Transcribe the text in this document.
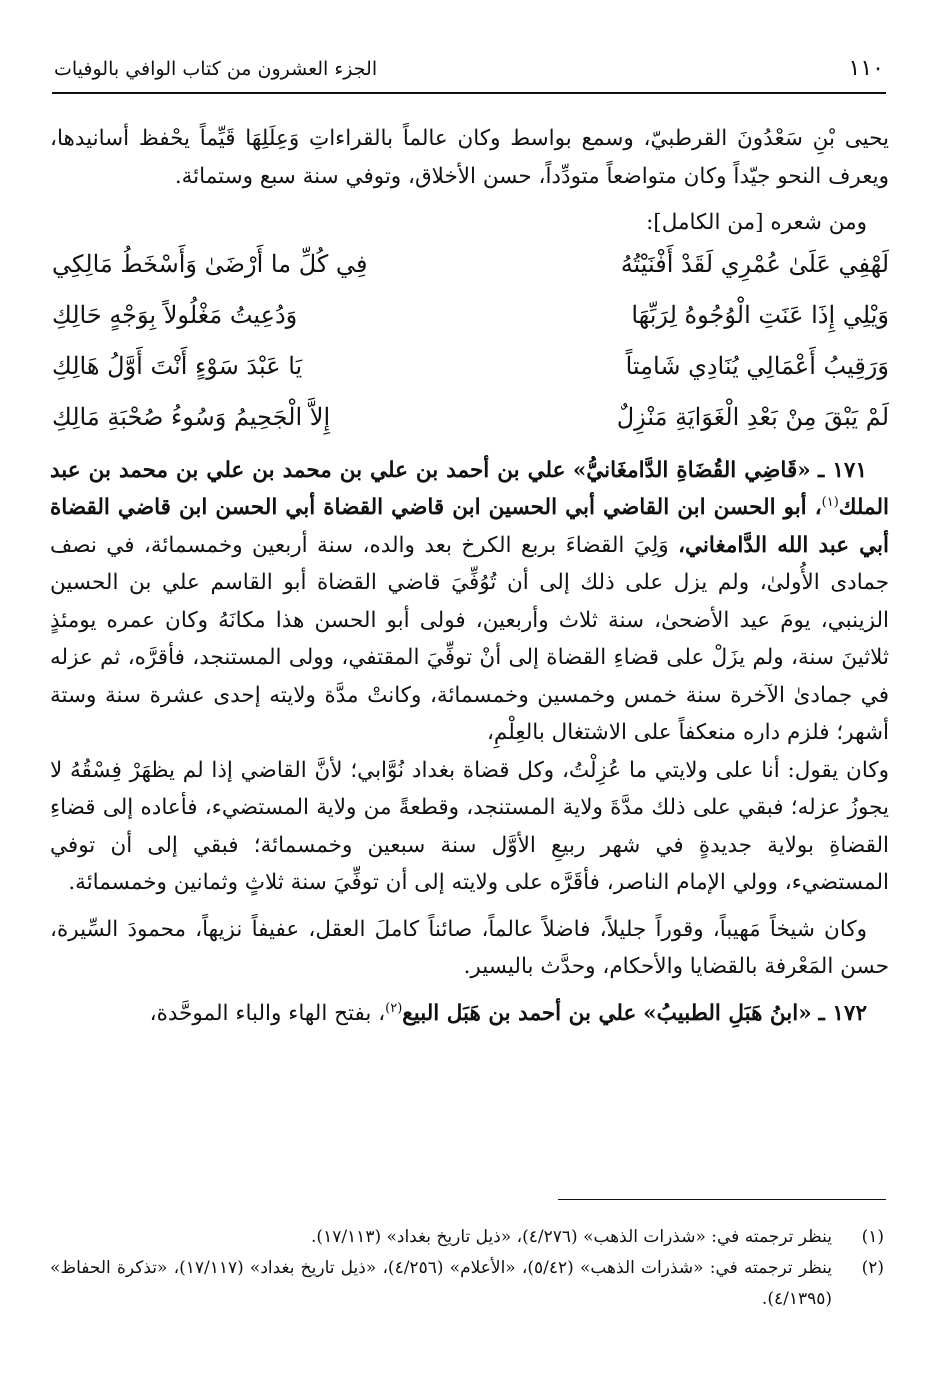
١١٠
الجزء العشرون من كتاب الوافي بالوفيات

يحيى بْنِ سَعْدُونَ القرطبيّ، وسمع بواسط وكان عالماً بالقراءاتِ وَعِلَلِهَا قَيِّماً يحْفظ أسانيدها، ويعرف النحو جيّداً وكان متواضعاً متودِّداً، حسن الأخلاق، وتوفي سنة سبع وستمائة.

ومن شعره [من الكامل]:

لَهْفِي عَلَىٰ عُمْرِي لَقَدْ أَفْنَيْتُهُ
فِي كُلِّ ما أَرْضَىٰ وَأَسْخَطُ مَالِكِي
وَيْلِي إِذَا عَنَتِ الْوُجُوهُ لِرَبِّهَا
وَدُعِيتُ مَغْلُولاً بِوَجْهٍ حَالِكِ
وَرَقِيبُ أَعْمَالِي يُنَادِي شَامِتاً
يَا عَبْدَ سَوْءٍ أَنْتَ أَوَّلُ هَالِكِ
لَمْ يَبْقَ مِنْ بَعْدِ الْغَوَايَةِ مَنْزِلٌ
إِلاَّ الْجَحِيمُ وَسُوءُ صُحْبَةِ مَالِكِ

١٧١ ـ «قَاضِي القُضَاةِ الدَّامغَانيُّ» علي بن أحمد بن علي بن محمد بن علي بن محمد بن عبد الملك$^{(١)}$، أبو الحسن ابن القاضي أبي الحسين ابن قاضي القضاة أبي الحسن ابن قاضي القضاة أبي عبد الله الدَّامغاني، وَلِيَ القضاءَ بربع الكرخ بعد والده، سنة أربعين وخمسمائة، في نصف جمادى الأُولىٰ، ولم يزل على ذلك إلى أن تُوُفِّيَ قاضي القضاة أبو القاسم علي بن الحسين الزينبي، يومَ عيد الأضحىٰ، سنة ثلاث وأربعين، فولى أبو الحسن هذا مكانَهُ وكان عمره يومئذٍ ثلاثينَ سنة، ولم يزَلْ على قضاءِ القضاة إلى أنْ توفِّيَ المقتفي، وولى المستنجد، فأقرَّه، ثم عزله في جمادىٰ الآخرة سنة خمس وخمسين وخمسمائة، وكانتْ مدَّة ولايته إحدى عشرة سنة وستة أشهر؛ فلزم داره منعكفاً على الاشتغال بالعِلْمِ،

وكان يقول: أنا على ولايتي ما عُزِلْتُ، وكل قضاة بغداد نُوَّابي؛ لأنَّ القاضي إذا لم يظهَرْ فِسْقُهُ لا يجوزُ عزله؛ فبقي على ذلك مدَّةَ ولاية المستنجد، وقطعةً من ولاية المستضيء، فأعاده إلى قضاءِ القضاةِ بولاية جديدةٍ في شهر ربيعِ الأوَّل سنة سبعين وخمسمائة؛ فبقي إلى أن توفي المستضيء، وولي الإمام الناصر، فأقَرَّه على ولايته إلى أن توفِّيَ سنة ثلاثٍ وثمانين وخمسمائة.

وكان شيخاً مَهيباً، وقوراً جليلاً، فاضلاً عالماً، صائناً كاملَ العقل، عفيفاً نزيهاً، محمودَ السِّيرة، حسن المَعْرفة بالقضايا والأحكام، وحدَّث باليسير.

١٧٢ ـ «ابنُ هَبَلِ الطبيبُ» علي بن أحمد بن هَبَل البيع$^{(٢)}$، بفتح الهاء والباء الموحَّدة،

(١)
ينظر ترجمته في: «شذرات الذهب» (٤/٢٧٦)، «ذيل تاريخ بغداد» (١٧/١١٣).
(٢)
ينظر ترجمته في: «شذرات الذهب» (٥/٤٢)، «الأعلام» (٤/٢٥٦)، «ذيل تاريخ بغداد» (١٧/١١٧)، «تذكرة الحفاظ» (٤/١٣٩٥).
